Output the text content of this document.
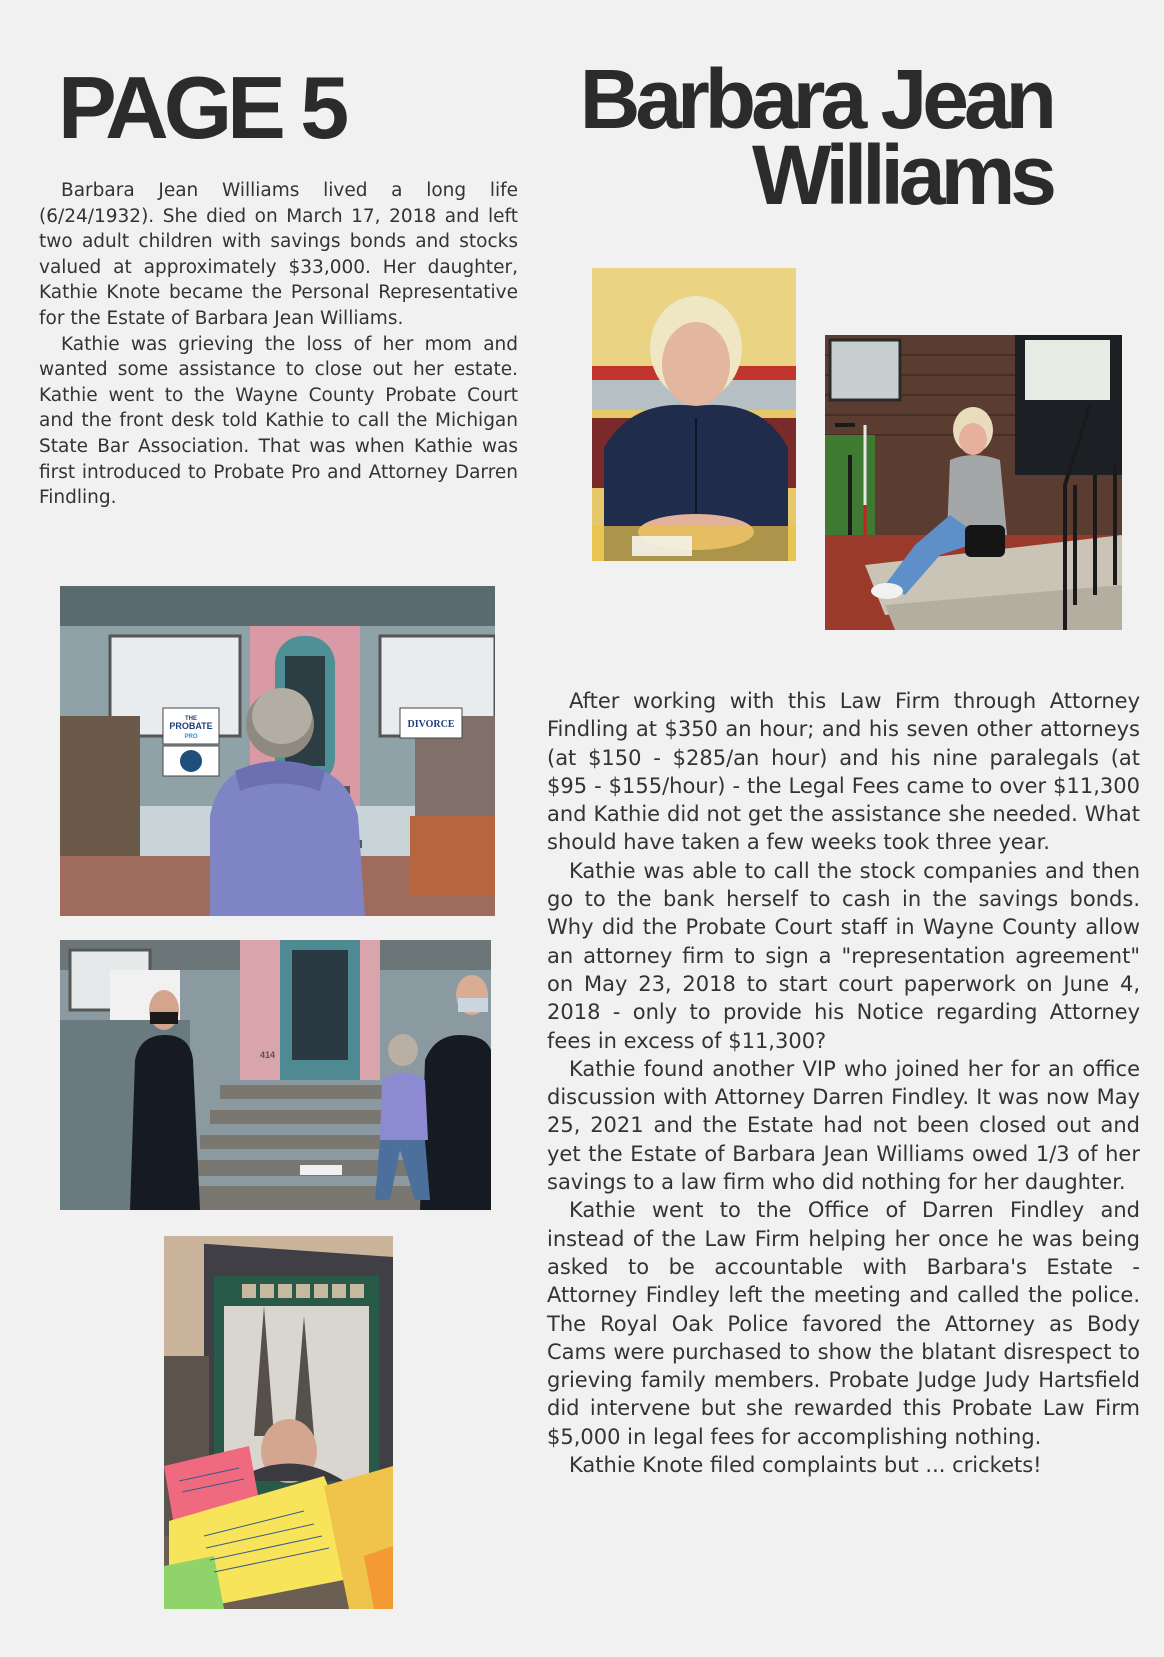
PAGE 5	Barbara Jean
Williams

Barbara Jean Williams lived a long life (6/24/1932). She died on March 17, 2018 and left two adult children with savings bonds and stocks valued at approximately $33,000. Her daughter, Kathie Knote became the Personal Representative for the Estate of Barbara Jean Williams.

Kathie was grieving the loss of her mom and wanted some assistance to close out her estate. Kathie went to the Wayne County Probate Court and the front desk told Kathie to call the Michigan State Bar Association. That was when Kathie was first introduced to Probate Pro and Attorney Darren Findling.

After working with this Law Firm through Attorney Findling at $350 an hour; and his seven other attorneys (at $150 - $285/an hour) and his nine paralegals (at $95 - $155/hour) - the Legal Fees came to over $11,300 and Kathie did not get the assistance she needed. What should have taken a few weeks took three year.

Kathie was able to call the stock companies and then go to the bank herself to cash in the savings bonds. Why did the Probate Court staff in Wayne County allow an attorney firm to sign a "representation agreement" on May 23, 2018 to start court paperwork on June 4, 2018 - only to provide his Notice regarding Attorney fees in excess of $11,300?

Kathie found another VIP who joined her for an office discussion with Attorney Darren Findley. It was now May 25, 2021 and the Estate had not been closed out and yet the Estate of Barbara Jean Williams owed 1/3 of her savings to a law firm who did nothing for her daughter.

Kathie went to the Office of Darren Findley and instead of the Law Firm helping her once he was being asked to be accountable with Barbara's Estate - Attorney Findley left the meeting and called the police. The Royal Oak Police favored the Attorney as Body Cams were purchased to show the blatant disrespect to grieving family members. Probate Judge Judy Hartsfield did intervene but she rewarded this Probate Law Firm $5,000 in legal fees for accomplishing nothing.

Kathie Knote filed complaints but ... crickets!

THE
PROBATE
PRO
DIVORCE
414
